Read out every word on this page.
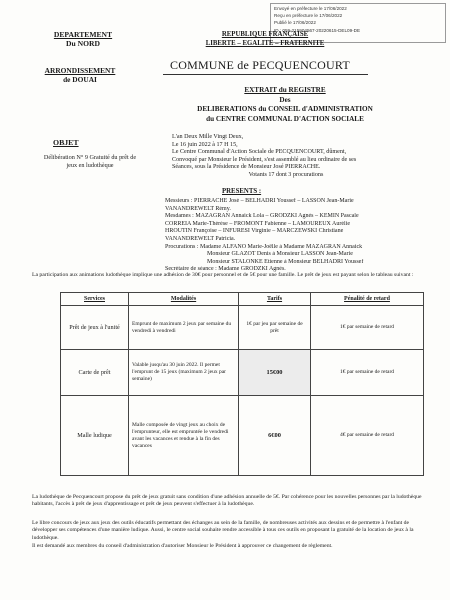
Envoyé en préfecture le 17/06/2022
Reçu en préfecture le 17/06/2022
Publié le 17/06/2022
ID : 059-215904567-20220615-DEL09-DE
DEPARTEMENT
Du NORD
REPUBLIQUE FRANÇAISE
LIBERTE – EGALITE – FRATERNITE
ARRONDISSEMENT
de DOUAI
COMMUNE de PECQUENCOURT
EXTRAIT du REGISTRE
Des
DELIBERATIONS du CONSEIL d'ADMINISTRATION
du CENTRE COMMUNAL D'ACTION SOCIALE
OBJET
Délibération N° 9 Gratuité du prêt de jeux en ludothèque
L'an Deux Mille Vingt Deux,
Le 16 juin 2022 à 17 H 15,
Le Centre Communal d'Action Sociale de PECQUENCOURT, dûment,
Convoqué par Monsieur le Président, s'est assemblé au lieu ordinaire de ses
Séances, sous la Présidence de Monsieur José PIERRACHE.
Votants 17 dont 3 procurations
PRESENTS :
Messieurs : PIERRACHE José – BELHADRI Youssef – LASSON Jean-Marie
VANANDREWELT Rémy.
Mesdames : MAZAGRAN Annaick Lola – GRODZKI Agnès – KEMIN Pascale
CORREIA Marie-Thérèse – FROMONT Fabienne – LAMOUREUX Aurélie
HROUTIN Françoise – INFURESI Virginie – MARCZEWSKI Christiane
VANANDREWELT Patricia.
Procurations : Madame ALFANO Marie-Joëlle à Madame MAZAGRAN Annaick
Monsieur GLAZOT Denis à Monsieur LASSON Jean-Marie
Monsieur STALONKE Etienne à Monsieur BELHADRI Youssef
Secrétaire de séance : Madame GRODZKI Agnès.
La participation aux animations ludothèque implique une adhésion de 30€ pour personnel et de 5€ pour une famille. Le prêt de jeux est payant selon le tableau suivant :
Services	Modalités	Tarifs	Pénalité de retard
Prêt de jeux à l'unité	Emprunt de maximum 2 jeux par semaine du vendredi à vendredi	1€ par jeu par semaine de prêt	1€ par semaine de retard
Carte de prêt	Valable jusqu'au 30 juin 2022. Il permet l'emprunt de 15 jeux (maximum 2 jeux par semaine)	15€00	1€ par semaine de retard
Malle ludique	Malle composée de vingt jeux au choix de l'emprunteur, elle est empruntée le vendredi avant les vacances et rendue à la fin des vacances	6€00	4€ par semaine de retard
La ludothèque de Pecquencourt propose du prêt de jeux gratuit sans condition d'une adhésion annuelle de 5€. Par cohérence pour les nouvelles personnes par la ludothèque habitants, l'accès à prêt de jeux d'apprentissage et prêt de jeux peuvent s'effectuer à la ludothèque.
Le libre concours de jeux aux jeux des outils éducatifs permettant des échanges au sein de la famille, de nombreuses activités aux dessins et de permettre à l'enfant de développer ses compétences d'une manière ludique. Aussi, le centre social souhaite rendre accessible à tous ces outils en proposant la gratuité de la location de jeux à la ludothèque.
Il est demandé aux membres du conseil d'administration d'autoriser Monsieur le Président à approuver ce changement de règlement.
